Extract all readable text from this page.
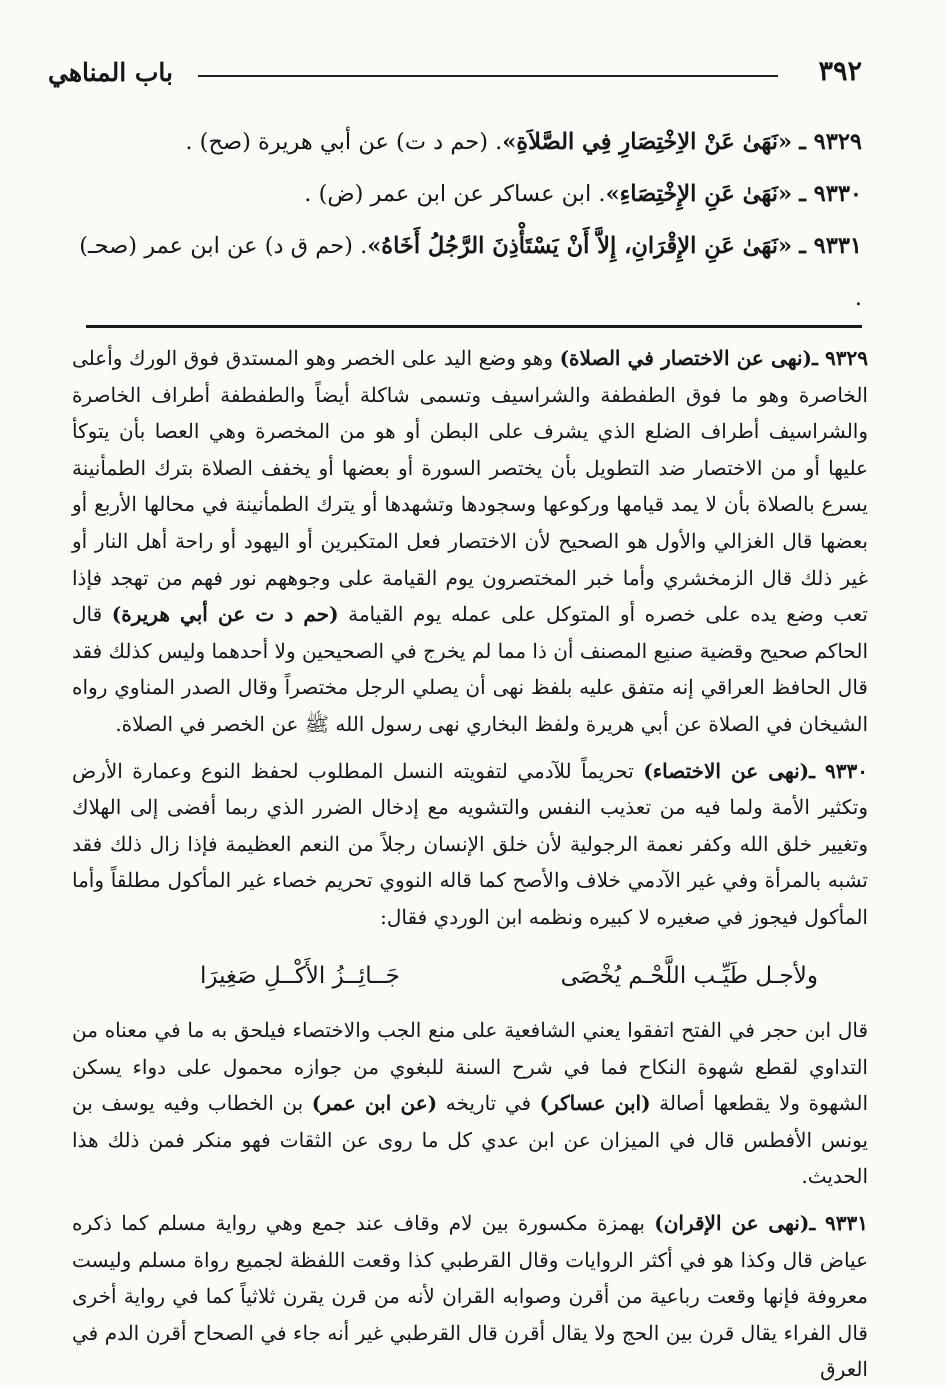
٣٩٢
باب المناهي

٩٣٢٩ ـ «نَهَىٰ عَنْ الاِخْتِصَارِ فِي الصَّلاَةِ». (حم د ت) عن أبي هريرة (صح) .

٩٣٣٠ ـ «نَهَىٰ عَنِ الإِخْتِصَاءِ». ابن عساكر عن ابن عمر (ض) .

٩٣٣١ ـ «نَهَىٰ عَنِ الإِقْرَانِ، إِلاَّ أَنْ يَسْتَأْذِنَ الرَّجُلُ أَخَاهُ». (حم ق د) عن ابن عمر (صحـ) .

٩٣٢٩ ـ(نهى عن الاختصار في الصلاة) وهو وضع اليد على الخصر وهو المستدق فوق الورك وأعلى الخاصرة وهو ما فوق الطفطفة والشراسيف وتسمى شاكلة أيضاً والطفطفة أطراف الخاصرة والشراسيف أطراف الضلع الذي يشرف على البطن أو هو من المخصرة وهي العصا بأن يتوكأ عليها أو من الاختصار ضد التطويل بأن يختصر السورة أو بعضها أو يخفف الصلاة بترك الطمأنينة يسرع بالصلاة بأن لا يمد قيامها وركوعها وسجودها وتشهدها أو يترك الطمأنينة في محالها الأربع أو بعضها قال الغزالي والأول هو الصحيح لأن الاختصار فعل المتكبرين أو اليهود أو راحة أهل النار أو غير ذلك قال الزمخشري وأما خبر المختصرون يوم القيامة على وجوههم نور فهم من تهجد فإذا تعب وضع يده على خصره أو المتوكل على عمله يوم القيامة (حم د ت عن أبي هريرة) قال الحاكم صحيح وقضية صنيع المصنف أن ذا مما لم يخرج في الصحيحين ولا أحدهما وليس كذلك فقد قال الحافظ العراقي إنه متفق عليه بلفظ نهى أن يصلي الرجل مختصراً وقال الصدر المناوي رواه الشيخان في الصلاة عن أبي هريرة ولفظ البخاري نهى رسول الله ﷺ عن الخصر في الصلاة.

٩٣٣٠ ـ(نهى عن الاختصاء) تحريماً للآدمي لتفويته النسل المطلوب لحفظ النوع وعمارة الأرض وتكثير الأمة ولما فيه من تعذيب النفس والتشويه مع إدخال الضرر الذي ربما أفضى إلى الهلاك وتغيير خلق الله وكفر نعمة الرجولية لأن خلق الإنسان رجلاً من النعم العظيمة فإذا زال ذلك فقد تشبه بالمرأة وفي غير الآدمي خلاف والأصح كما قاله النووي تحريم خصاء غير المأكول مطلقاً وأما المأكول فيجوز في صغيره لا كبيره ونظمه ابن الوردي فقال:

ولأجـل طَيِّـب اللَّحْـم يُخْصَى
جَــائِــزُ الأَكْــلِ صَغِيرَا

قال ابن حجر في الفتح اتفقوا يعني الشافعية على منع الجب والاختصاء فيلحق به ما في معناه من التداوي لقطع شهوة النكاح فما في شرح السنة للبغوي من جوازه محمول على دواء يسكن الشهوة ولا يقطعها أصالة (ابن عساكر) في تاريخه (عن ابن عمر) بن الخطاب وفيه يوسف بن يونس الأفطس قال في الميزان عن ابن عدي كل ما روى عن الثقات فهو منكر فمن ذلك هذا الحديث.

٩٣٣١ ـ(نهى عن الإقران) بهمزة مكسورة بين لام وقاف عند جمع وهي رواية مسلم كما ذكره عياض قال وكذا هو في أكثر الروايات وقال القرطبي كذا وقعت اللفظة لجميع رواة مسلم وليست معروفة فإنها وقعت رباعية من أقرن وصوابه القران لأنه من قرن يقرن ثلاثياً كما في رواية أخرى قال الفراء يقال قرن بين الحج ولا يقال أقرن قال القرطبي غير أنه جاء في الصحاح أقرن الدم في العرق
